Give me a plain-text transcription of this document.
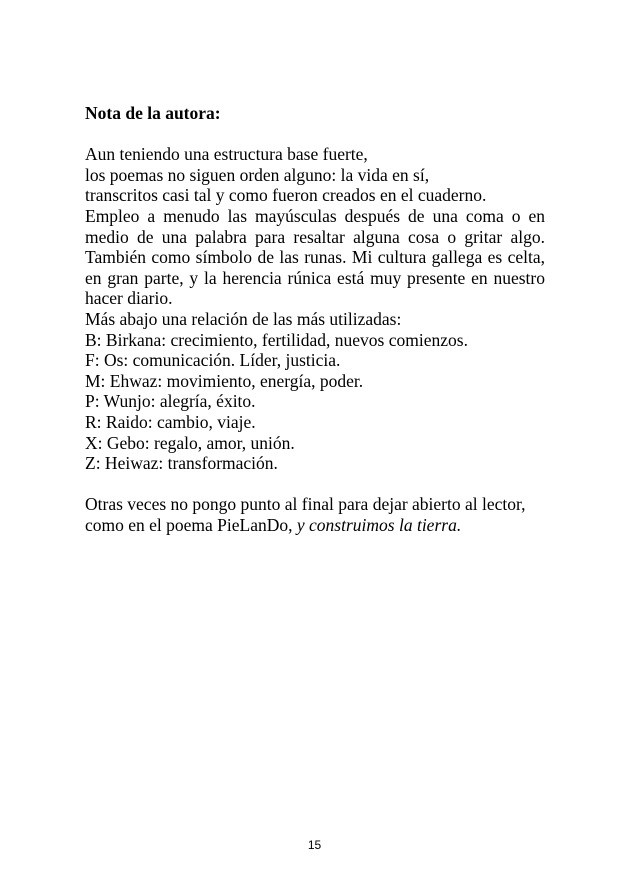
Nota de la autora:

Aun teniendo una estructura base fuerte,

los poemas no siguen orden alguno: la vida en sí,

transcritos casi tal y como fueron creados en el cuaderno.

Empleo a menudo las mayúsculas después de una coma o en
medio de una palabra para resaltar alguna cosa o gritar algo.
También como símbolo de las runas. Mi cultura gallega es celta,
en gran parte, y la herencia rúnica está muy presente en nuestro
hacer diario.

Más abajo una relación de las más utilizadas:

B: Birkana: crecimiento, fertilidad, nuevos comienzos.

F: Os: comunicación. Líder, justicia.

M: Ehwaz: movimiento, energía, poder.

P: Wunjo: alegría, éxito.

R: Raido: cambio, viaje.

X: Gebo: regalo, amor, unión.

Z: Heiwaz: transformación.

Otras veces no pongo punto al final para dejar abierto al lector,

como en el poema PieLanDo, y construimos la tierra.

15
